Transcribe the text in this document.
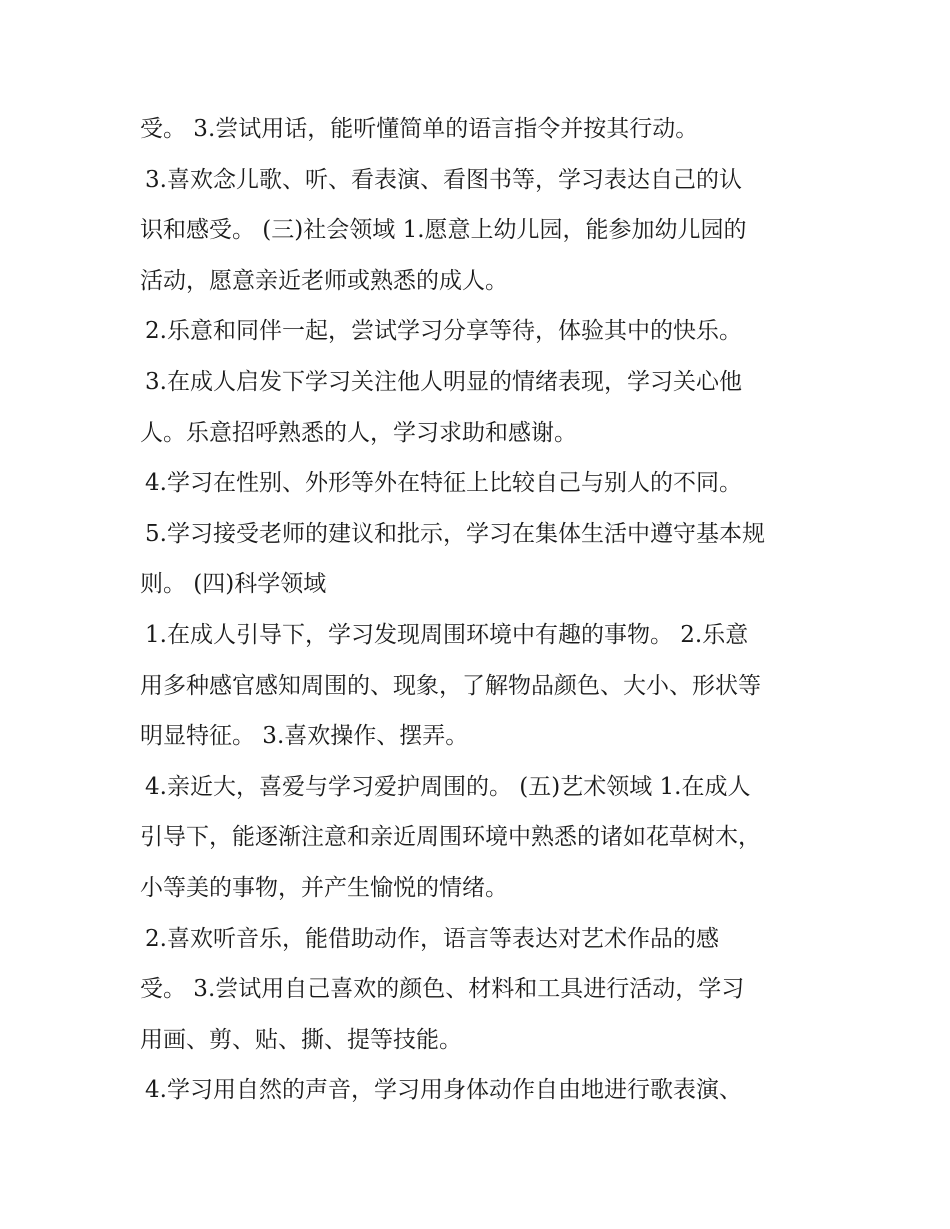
受。 3.尝试用话，能听懂简单的语言指令并按其行动。
3.喜欢念儿歌、听、看表演、看图书等，学习表达自己的认
识和感受。 (三)社会领域 1.愿意上幼儿园，能参加幼儿园的
活动，愿意亲近老师或熟悉的成人。
2.乐意和同伴一起，尝试学习分享等待，体验其中的快乐。
3.在成人启发下学习关注他人明显的情绪表现，学习关心他
人。乐意招呼熟悉的人，学习求助和感谢。
4.学习在性别、外形等外在特征上比较自己与别人的不同。
5.学习接受老师的建议和批示，学习在集体生活中遵守基本规
则。 (四)科学领域
1.在成人引导下，学习发现周围环境中有趣的事物。 2.乐意
用多种感官感知周围的、现象，了解物品颜色、大小、形状等
明显特征。 3.喜欢操作、摆弄。
4.亲近大，喜爱与学习爱护周围的。 (五)艺术领域 1.在成人
引导下，能逐渐注意和亲近周围环境中熟悉的诸如花草树木，
小等美的事物，并产生愉悦的情绪。
2.喜欢听音乐，能借助动作，语言等表达对艺术作品的感
受。 3.尝试用自己喜欢的颜色、材料和工具进行活动，学习
用画、剪、贴、撕、提等技能。
4.学习用自然的声音，学习用身体动作自由地进行歌表演、
